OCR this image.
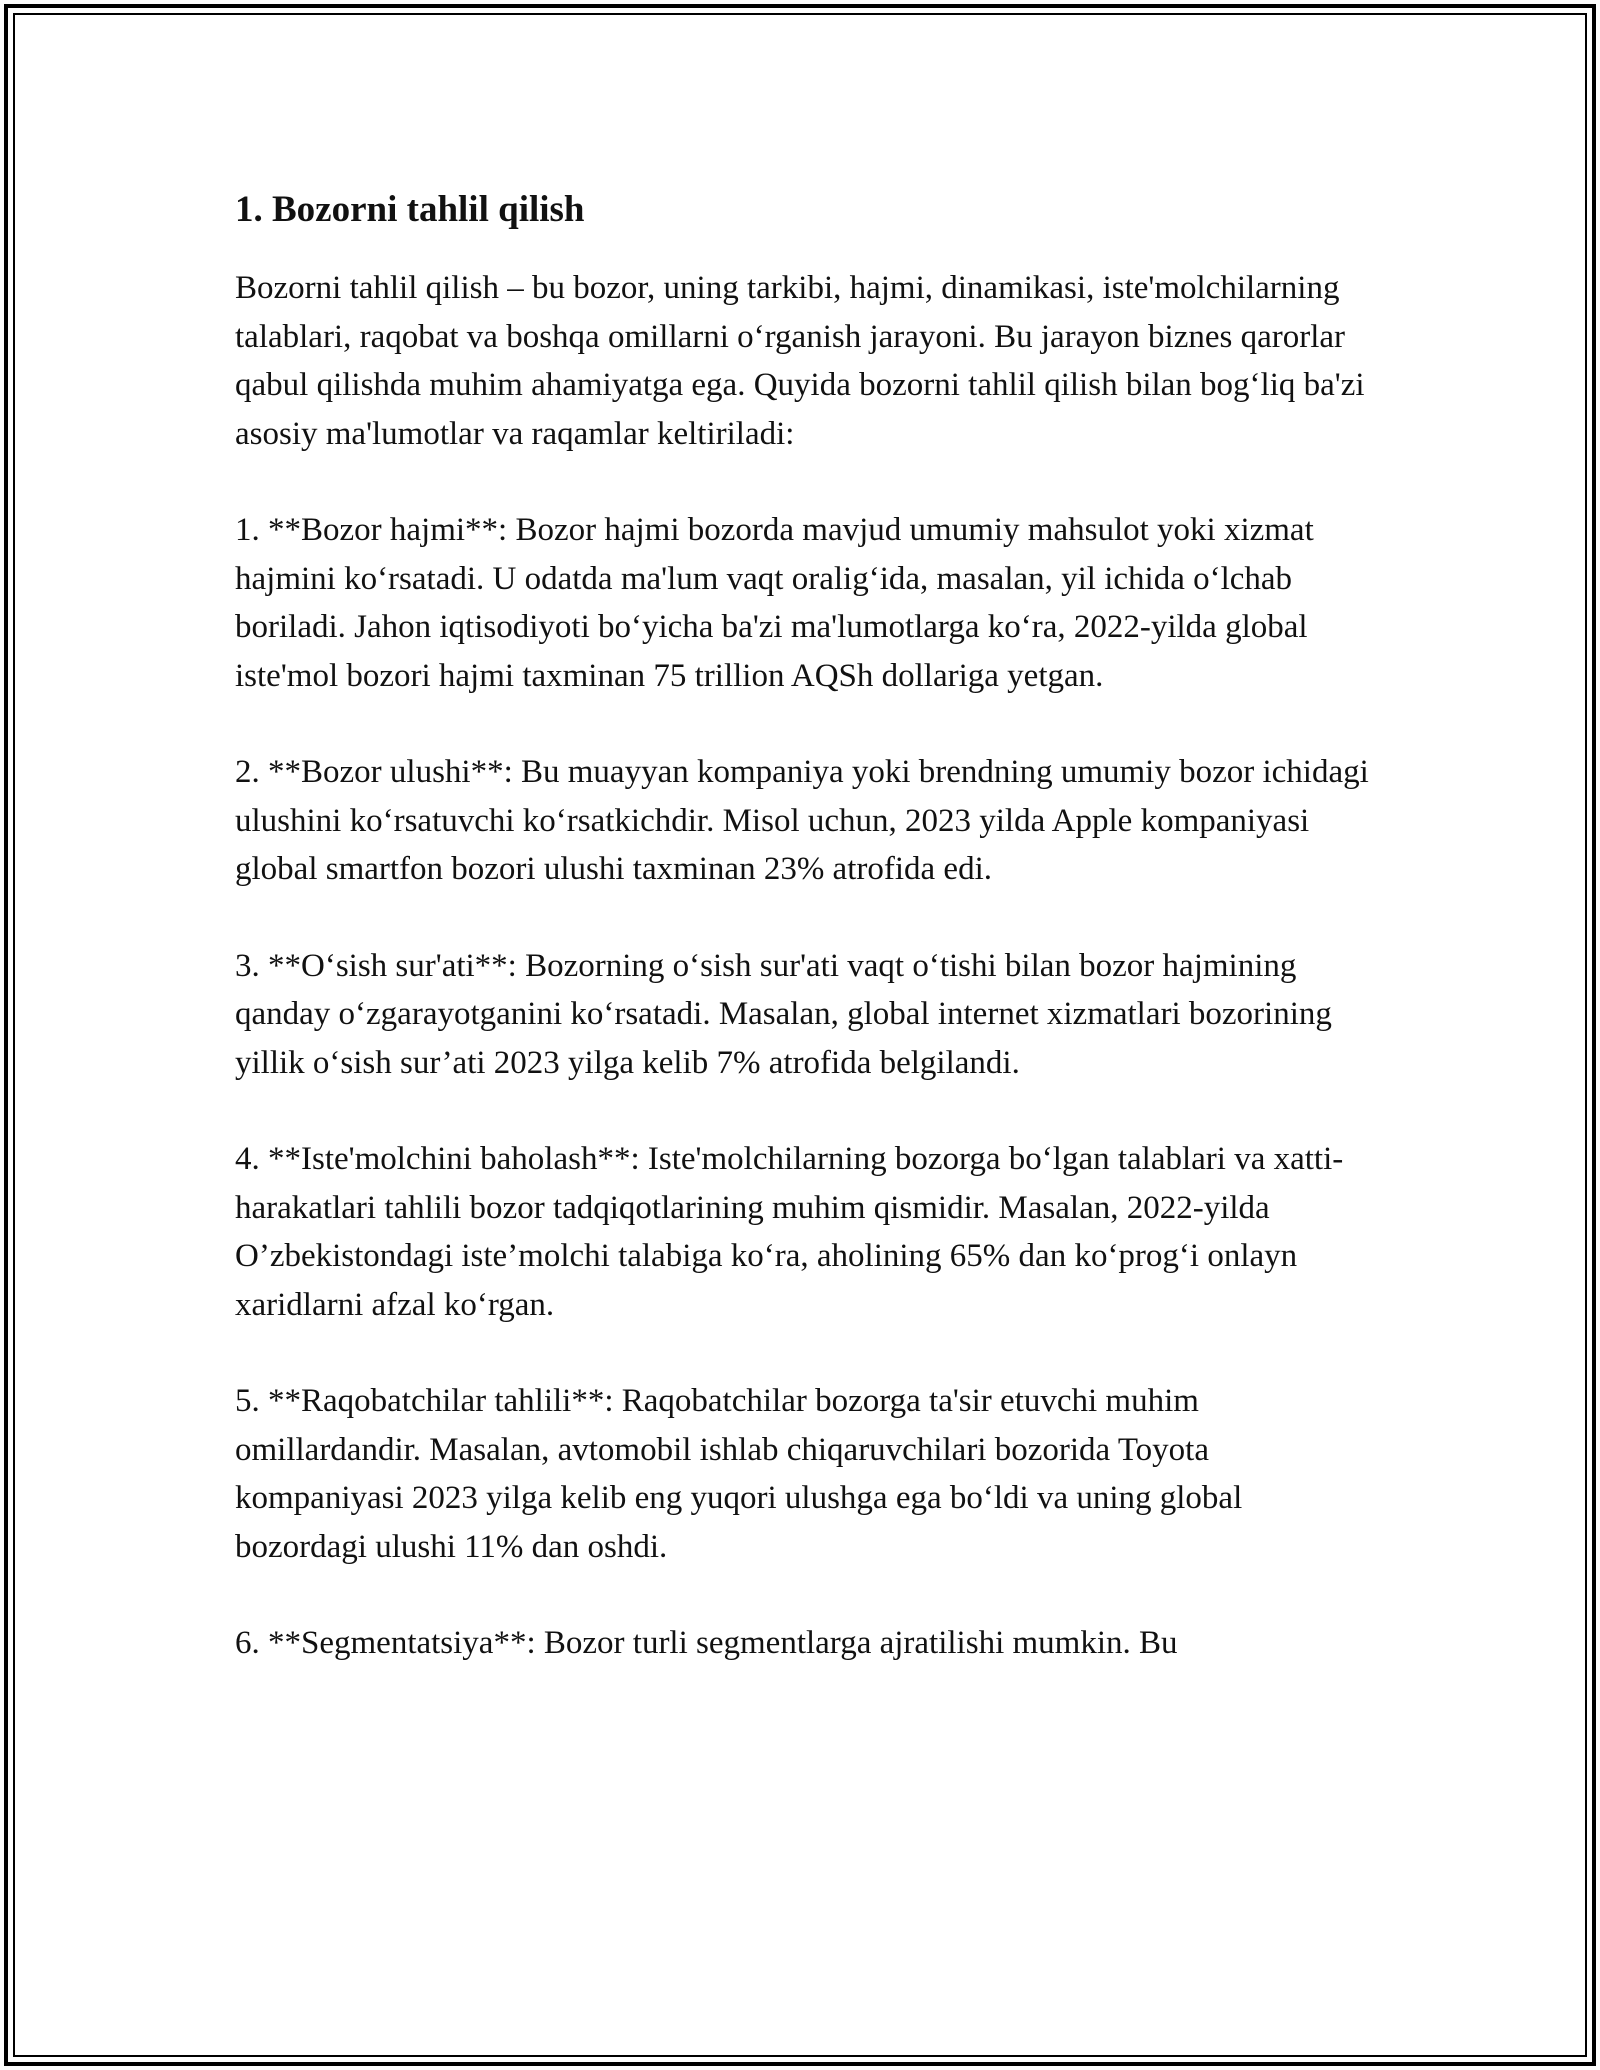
1. Bozorni tahlil qilish

Bozorni tahlil qilish – bu bozor, uning tarkibi, hajmi, dinamikasi, iste'molchilarning talablari, raqobat va boshqa omillarni oʻrganish jarayoni. Bu jarayon biznes qarorlar qabul qilishda muhim ahamiyatga ega. Quyida bozorni tahlil qilish bilan bogʻliq ba'zi asosiy ma'lumotlar va raqamlar keltiriladi:

1. **Bozor hajmi**: Bozor hajmi bozorda mavjud umumiy mahsulot yoki xizmat hajmini koʻrsatadi. U odatda ma'lum vaqt oraligʻida, masalan, yil ichida oʻlchab boriladi. Jahon iqtisodiyoti boʻyicha ba'zi ma'lumotlarga koʻra, 2022-yilda global iste'mol bozori hajmi taxminan 75 trillion AQSh dollariga yetgan.

2. **Bozor ulushi**: Bu muayyan kompaniya yoki brendning umumiy bozor ichidagi ulushini koʻrsatuvchi koʻrsatkichdir. Misol uchun, 2023 yilda Apple kompaniyasi global smartfon bozori ulushi taxminan 23% atrofida edi.

3. **Oʻsish sur'ati**: Bozorning oʻsish sur'ati vaqt oʻtishi bilan bozor hajmining qanday oʻzgarayotganini koʻrsatadi. Masalan, global internet xizmatlari bozorining yillik oʻsish sur’ati 2023 yilga kelib 7% atrofida belgilandi.

4. **Iste'molchini baholash**: Iste'molchilarning bozorga boʻlgan talablari va xatti-harakatlari tahlili bozor tadqiqotlarining muhim qismidir. Masalan, 2022-yilda O’zbekistondagi iste’molchi talabiga koʻra, aholining 65% dan koʻprogʻi onlayn xaridlarni afzal koʻrgan.

5. **Raqobatchilar tahlili**: Raqobatchilar bozorga ta'sir etuvchi muhim omillardandir. Masalan, avtomobil ishlab chiqaruvchilari bozorida Toyota kompaniyasi 2023 yilga kelib eng yuqori ulushga ega boʻldi va uning global bozordagi ulushi 11% dan oshdi.

6. **Segmentatsiya**: Bozor turli segmentlarga ajratilishi mumkin. Bu
